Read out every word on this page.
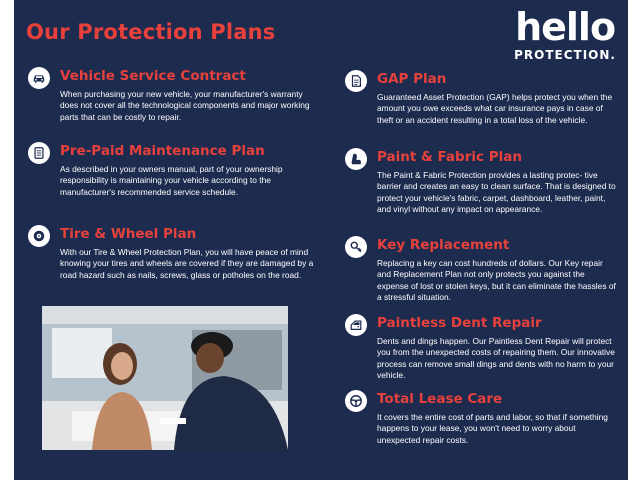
Our Protection Plans	hello
PROTECTION.
Vehicle Service Contract
When purchasing your new vehicle, your manufacturer's warranty does not cover all the technological components and major working parts that can be costly to repair.
Pre-Paid Maintenance Plan
As described in your owners manual, part of your ownership responsibility is maintaining your vehicle according to the manufacturer's recommended service schedule.
Tire & Wheel Plan
With our Tire & Wheel Protection Plan, you will have peace of mind knowing your tires and wheels are covered if they are damaged by a road hazard such as nails, screws, glass or potholes on the road.
GAP Plan
Guaranteed Asset Protection (GAP) helps protect you when the amount you owe exceeds what car insurance pays in case of theft or an accident resulting in a total loss of the vehicle.
Paint & Fabric Plan
The Paint & Fabric Protection provides a lasting protec- tive barrier and creates an easy to clean surface. That is designed to protect your vehicle's fabric, carpet, dashboard, leather, paint, and vinyl without any impact on appearance.
Key Replacement
Replacing a key can cost hundreds of dollars. Our Key repair and Replacement Plan not only protects you against the expense of lost or stolen keys, but it can eliminate the hassles of a stressful situation.
Paintless Dent Repair
Dents and dings happen. Our Paintless Dent Repair will protect you from the unexpected costs of repairing them. Our innovative process can remove small dings and dents with no harm to your vehicle.
Total Lease Care
It covers the entire cost of parts and labor, so that if something happens to your lease, you won't need to worry about unexpected repair costs.
